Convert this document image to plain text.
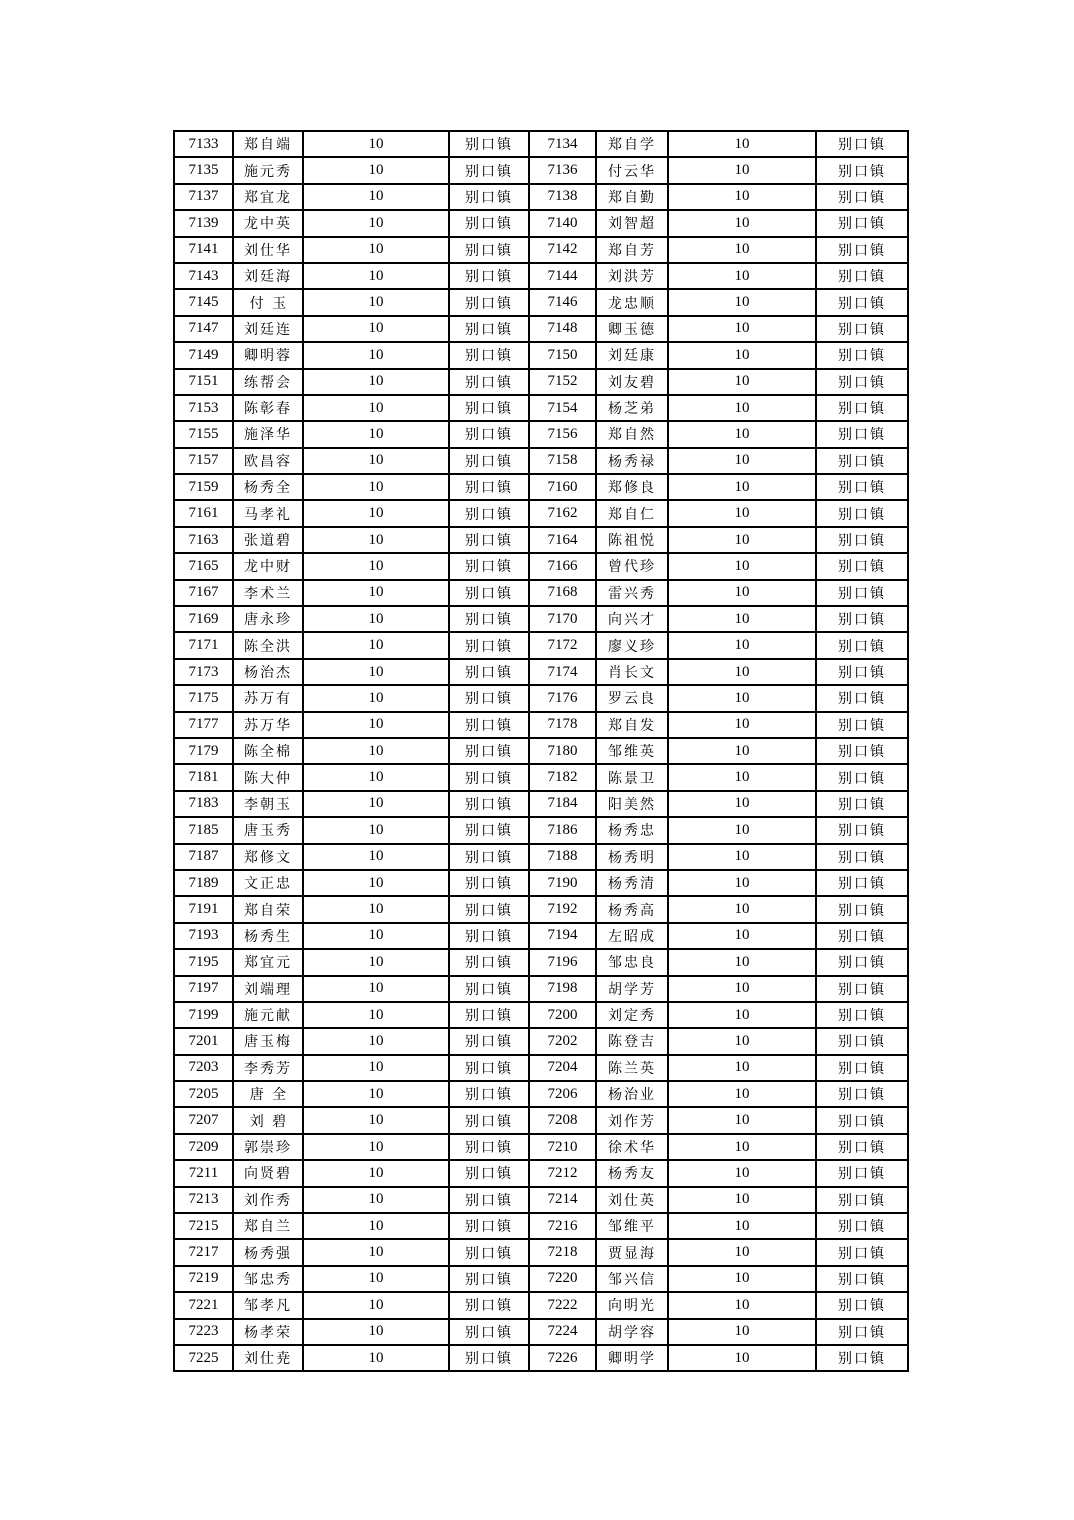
7133	郑自端	10	别口镇	7134	郑自学	10	别口镇
7135	施元秀	10	别口镇	7136	付云华	10	别口镇
7137	郑宜龙	10	别口镇	7138	郑自勤	10	别口镇
7139	龙中英	10	别口镇	7140	刘智超	10	别口镇
7141	刘仕华	10	别口镇	7142	郑自芳	10	别口镇
7143	刘廷海	10	别口镇	7144	刘洪芳	10	别口镇
7145	付玉	10	别口镇	7146	龙忠顺	10	别口镇
7147	刘廷连	10	别口镇	7148	卿玉德	10	别口镇
7149	卿明蓉	10	别口镇	7150	刘廷康	10	别口镇
7151	练帮会	10	别口镇	7152	刘友碧	10	别口镇
7153	陈彰春	10	别口镇	7154	杨芝弟	10	别口镇
7155	施泽华	10	别口镇	7156	郑自然	10	别口镇
7157	欧昌容	10	别口镇	7158	杨秀禄	10	别口镇
7159	杨秀全	10	别口镇	7160	郑修良	10	别口镇
7161	马孝礼	10	别口镇	7162	郑自仁	10	别口镇
7163	张道碧	10	别口镇	7164	陈祖悦	10	别口镇
7165	龙中财	10	别口镇	7166	曾代珍	10	别口镇
7167	李术兰	10	别口镇	7168	雷兴秀	10	别口镇
7169	唐永珍	10	别口镇	7170	向兴才	10	别口镇
7171	陈全洪	10	别口镇	7172	廖义珍	10	别口镇
7173	杨治杰	10	别口镇	7174	肖长文	10	别口镇
7175	苏万有	10	别口镇	7176	罗云良	10	别口镇
7177	苏万华	10	别口镇	7178	郑自发	10	别口镇
7179	陈全棉	10	别口镇	7180	邹维英	10	别口镇
7181	陈大仲	10	别口镇	7182	陈景卫	10	别口镇
7183	李朝玉	10	别口镇	7184	阳美然	10	别口镇
7185	唐玉秀	10	别口镇	7186	杨秀忠	10	别口镇
7187	郑修文	10	别口镇	7188	杨秀明	10	别口镇
7189	文正忠	10	别口镇	7190	杨秀清	10	别口镇
7191	郑自荣	10	别口镇	7192	杨秀高	10	别口镇
7193	杨秀生	10	别口镇	7194	左昭成	10	别口镇
7195	郑宜元	10	别口镇	7196	邹忠良	10	别口镇
7197	刘端理	10	别口镇	7198	胡学芳	10	别口镇
7199	施元献	10	别口镇	7200	刘定秀	10	别口镇
7201	唐玉梅	10	别口镇	7202	陈登吉	10	别口镇
7203	李秀芳	10	别口镇	7204	陈兰英	10	别口镇
7205	唐全	10	别口镇	7206	杨治业	10	别口镇
7207	刘碧	10	别口镇	7208	刘作芳	10	别口镇
7209	郭崇珍	10	别口镇	7210	徐术华	10	别口镇
7211	向贤碧	10	别口镇	7212	杨秀友	10	别口镇
7213	刘作秀	10	别口镇	7214	刘仕英	10	别口镇
7215	郑自兰	10	别口镇	7216	邹维平	10	别口镇
7217	杨秀强	10	别口镇	7218	贾显海	10	别口镇
7219	邹忠秀	10	别口镇	7220	邹兴信	10	别口镇
7221	邹孝凡	10	别口镇	7222	向明光	10	别口镇
7223	杨孝荣	10	别口镇	7224	胡学容	10	别口镇
7225	刘仕尭	10	别口镇	7226	卿明学	10	别口镇
